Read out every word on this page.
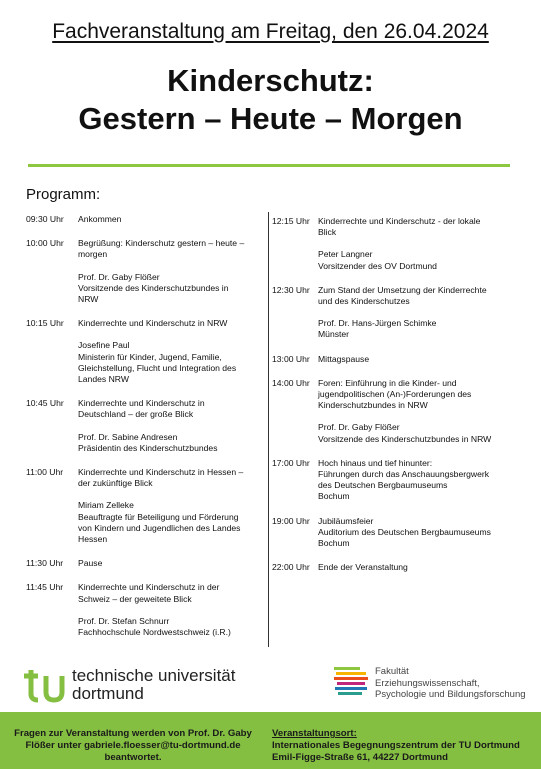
Fachveranstaltung am Freitag, den 26.04.2024
Kinderschutz:
Gestern – Heute – Morgen
Programm:
09:30 Uhr	Ankommen
10:00 Uhr	Begrüßung: Kinderschutz gestern – heute –
morgen
Prof. Dr. Gaby Flößer
Vorsitzende des Kinderschutzbundes in
NRW
10:15 Uhr	Kinderrechte und Kinderschutz in NRW
Josefine Paul
Ministerin für Kinder, Jugend, Familie,
Gleichstellung, Flucht und Integration des
Landes NRW
10:45 Uhr	Kinderrechte und Kinderschutz in
Deutschland – der große Blick
Prof. Dr. Sabine Andresen
Präsidentin des Kinderschutzbundes
11:00 Uhr	Kinderrechte und Kinderschutz in Hessen –
der zukünftige Blick
Miriam Zelleke
Beauftragte für Beteiligung und Förderung
von Kindern und Jugendlichen des Landes
Hessen
11:30 Uhr	Pause
11:45 Uhr	Kinderrechte und Kinderschutz in der
Schweiz – der geweitete Blick
Prof. Dr. Stefan Schnurr
Fachhochschule Nordwestschweiz (i.R.)
12:15 Uhr Kinderrechte und Kinderschutz - der lokale
Blick
Peter Langner
Vorsitzender des OV Dortmund
12:30 Uhr Zum Stand der Umsetzung der Kinderrechte
und des Kinderschutzes
Prof. Dr. Hans-Jürgen Schimke
Münster
13:00 Uhr Mittagspause
14:00 Uhr Foren: Einführung in die Kinder- und
jugendpolitischen (An-)Forderungen des
Kinderschutzbundes in NRW
Prof. Dr. Gaby Flößer
Vorsitzende des Kinderschutzbundes in NRW
17:00 Uhr Hoch hinaus und tief hinunter:
Führungen durch das Anschauungsbergwerk
des Deutschen Bergbaumuseums
Bochum
19:00 Uhr Jubiläumsfeier
Auditorium des Deutschen Bergbaumuseums
Bochum
22:00 Uhr Ende der Veranstaltung
technische universität
dortmund
Fakultät
Erziehungswissenschaft,
Psychologie und Bildungsforschung
Fragen zur Veranstaltung werden von Prof. Dr. Gaby
Flößer unter gabriele.floesser@tu-dortmund.de
beantwortet.
Veranstaltungsort:
Internationales Begegnungszentrum der TU Dortmund
Emil-Figge-Straße 61, 44227 Dortmund
